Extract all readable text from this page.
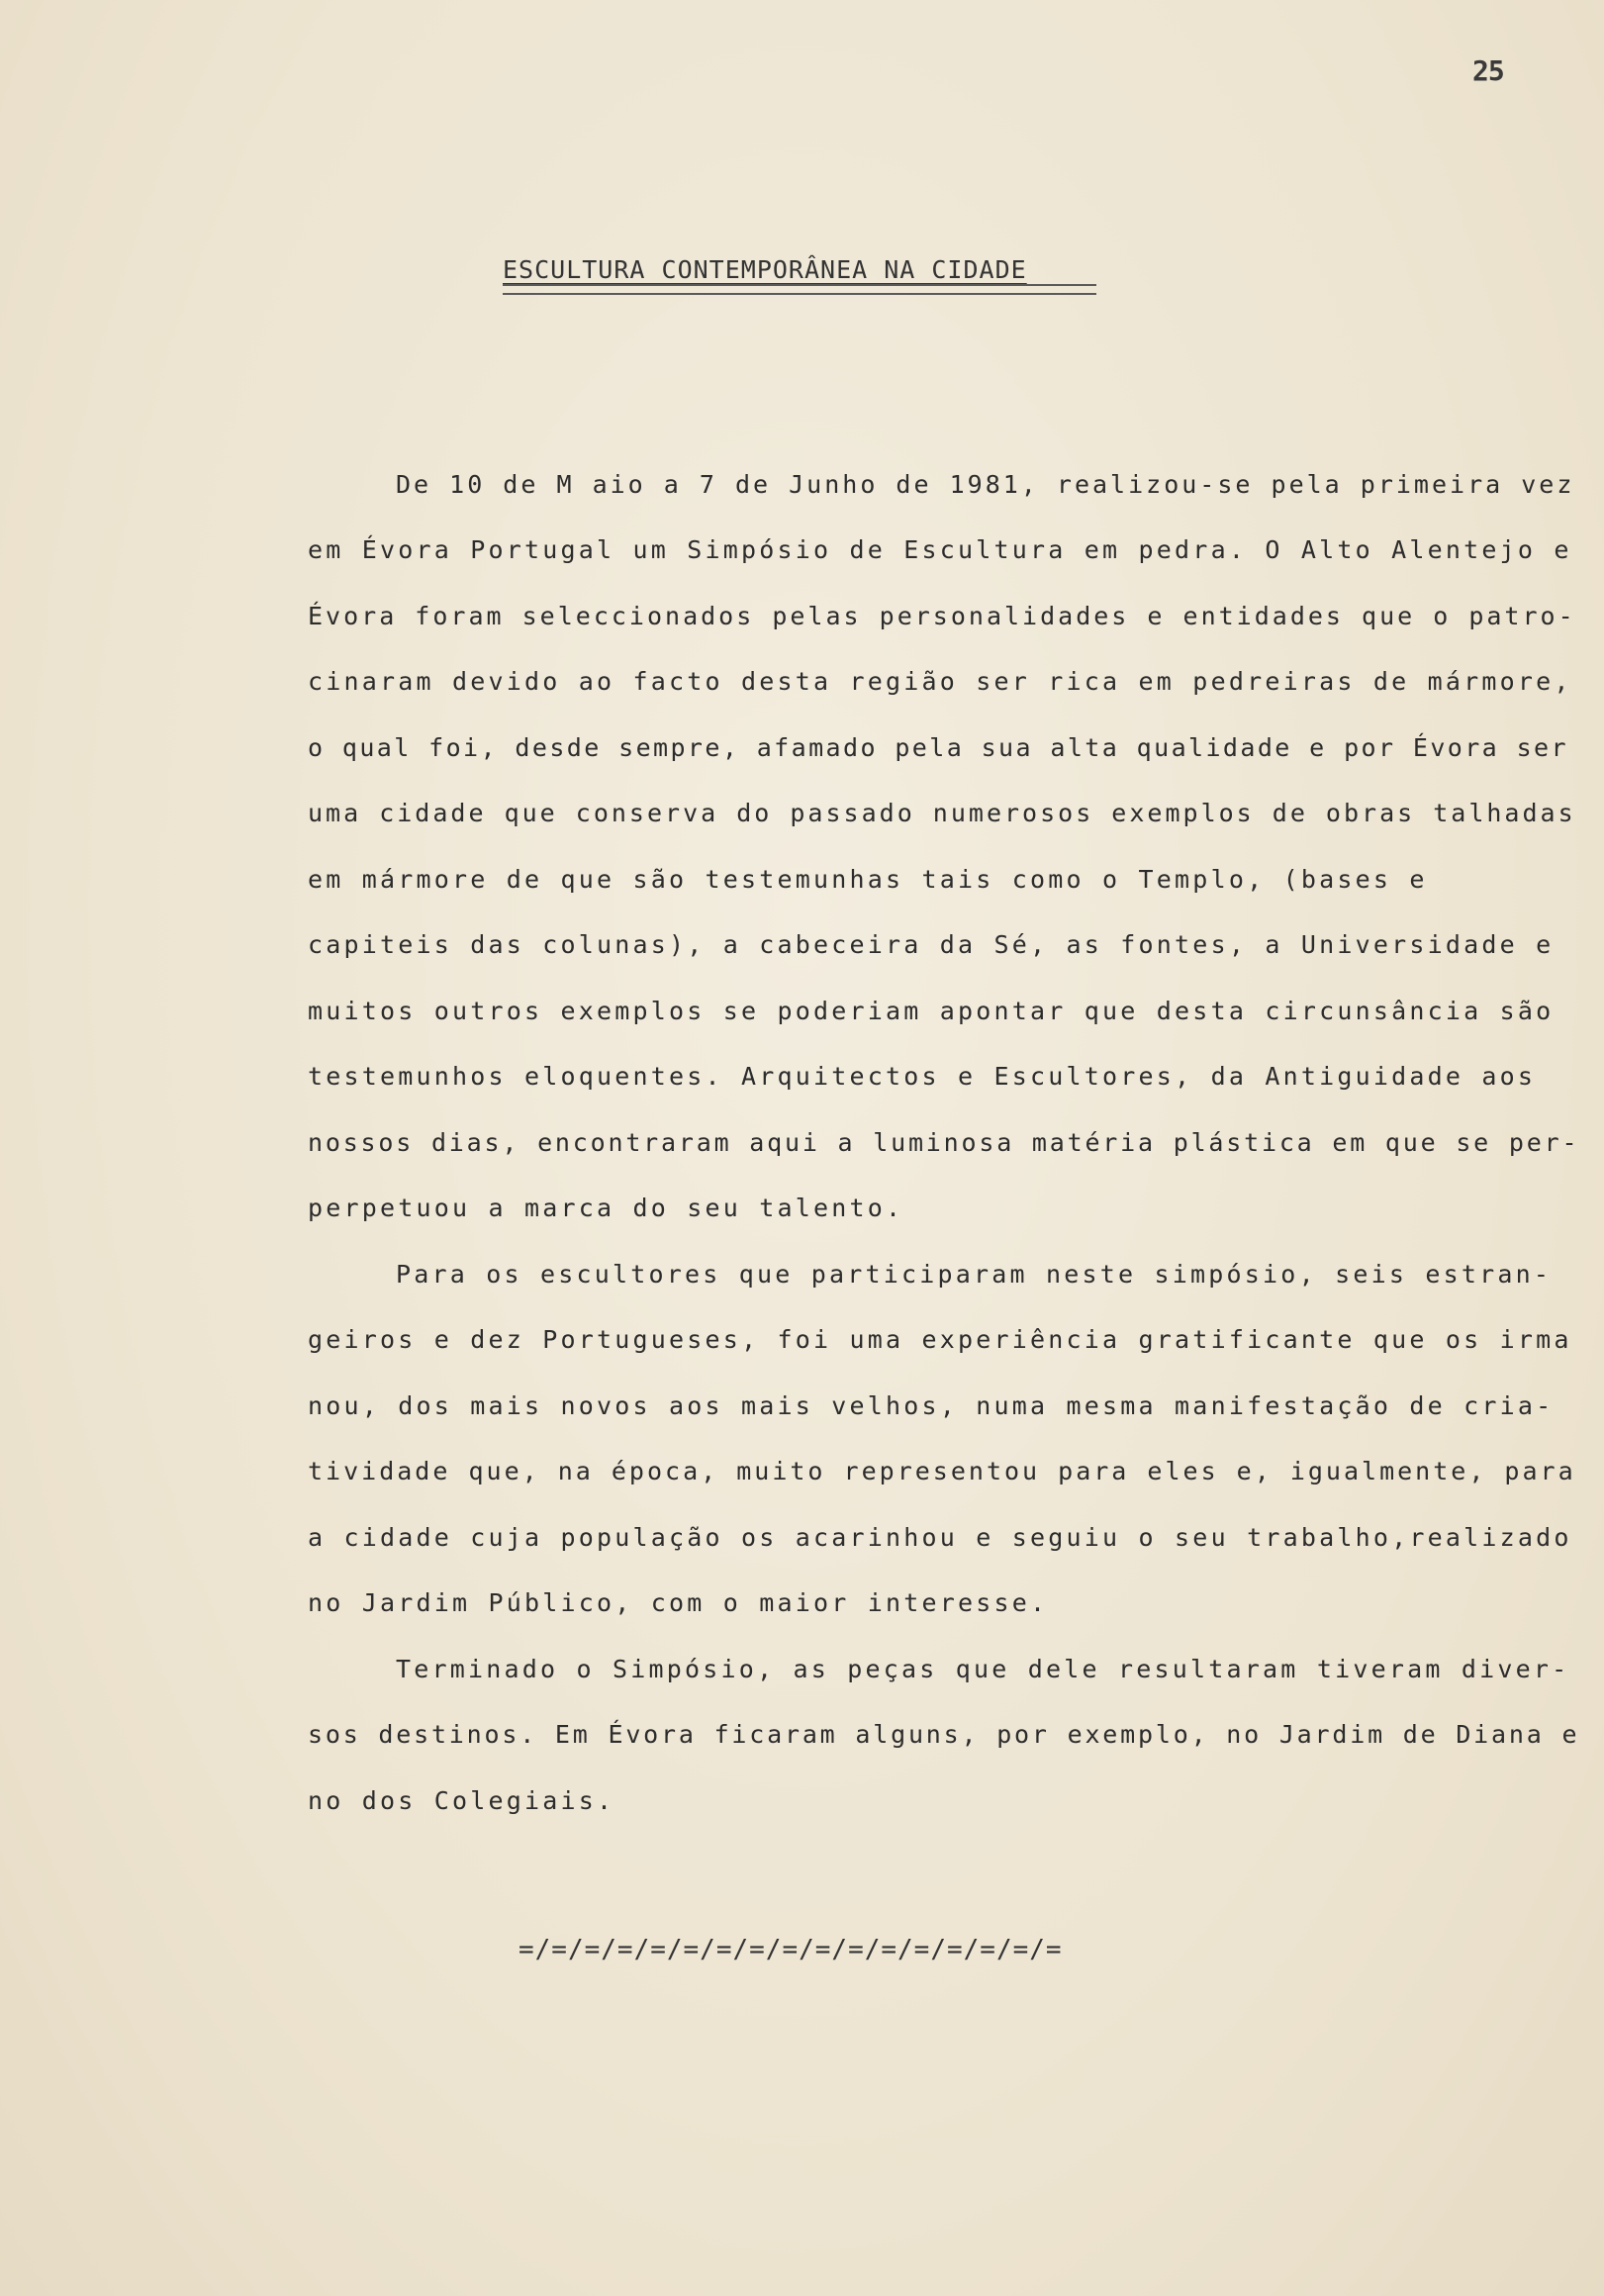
25
ESCULTURA CONTEMPORÂNEA NA CIDADE
De 10 de M aio a 7 de Junho de 1981, realizou-se pela primeira vez
em Évora Portugal um Simpósio de Escultura em pedra. O Alto Alentejo e
Évora foram seleccionados pelas personalidades e entidades que o patro-
cinaram devido ao facto desta região ser rica em pedreiras de mármore,
o qual foi, desde sempre, afamado pela sua alta qualidade e por Évora ser
uma cidade que conserva do passado numerosos exemplos de obras talhadas
em mármore de que são testemunhas tais como o Templo, (bases e
capiteis das colunas), a cabeceira da Sé, as fontes, a Universidade e
muitos outros exemplos se poderiam apontar que desta circunsância são
testemunhos eloquentes. Arquitectos e Escultores, da Antiguidade aos
nossos dias, encontraram aqui a luminosa matéria plástica em que se per-
perpetuou a marca do seu talento.
Para os escultores que participaram neste simpósio, seis estran-
geiros e dez Portugueses, foi uma experiência gratificante que os irma
nou, dos mais novos aos mais velhos, numa mesma manifestação de cria-
tividade que, na época, muito representou para eles e, igualmente, para
a cidade cuja população os acarinhou e seguiu o seu trabalho,realizado
no Jardim Público, com o maior interesse.
Terminado o Simpósio, as peças que dele resultaram tiveram diver-
sos destinos. Em Évora ficaram alguns, por exemplo, no Jardim de Diana e
no dos Colegiais.
=/=/=/=/=/=/=/=/=/=/=/=/=/=/=/=/=
